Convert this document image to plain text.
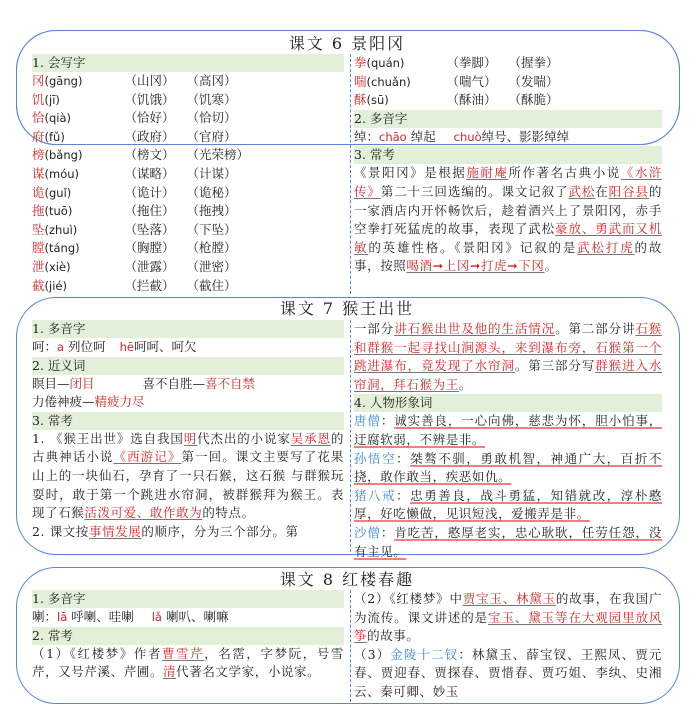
课文 6 景阳冈
1. 会写字
冈(gāng)	（山冈） （高冈）
饥(jī)	（饥饿） （饥寒）
恰(qià)	（恰好） （恰切）
府(fǔ)	（政府） （官府）
榜(bǎng)	（榜文） （光荣榜）
谋(móu)	（谋略） （计谋）
诡(guǐ)	（诡计） （诡秘）
拖(tuō)	（拖住） （拖拽）
坠(zhuì)	（坠落） （下坠）
膛(táng)	（胸膛） （枪膛）
泄(xiè)	（泄露） （泄密）
截(jié)	（拦截） （截住）
拳(quán)	（拳脚） （握拳）
喘(chuǎn)	（喘气） （发喘）
酥(sū)	（酥油） （酥脆）
2. 多音字
绰：chāo 绰起 chuò绰号、影影绰绰
3. 常考
《景阳冈》是根据施耐庵所作著名古典小说《水浒传》第二十三回选编的。课文记叙了武松在阳谷县的一家酒店内开怀畅饮后，趁着酒兴上了景阳冈，赤手空拳打死猛虎的故事，表现了武松豪放、勇武而又机敏的英雄性格。《景阳冈》记叙的是武松打虎的故事，按照喝酒➞上冈➞打虎➞下冈。
课文 7 猴王出世
1. 多音字
呵：a 列位呵 hē呵呵、呵欠
2. 近义词
瞑目—闭目	喜不自胜—喜不自禁
力倦神疲—精疲力尽
3. 常考
1. 《猴王出世》选自我国明代杰出的小说家吴承恩的古典神话小说《西游记》第一回。课文主要写了花果山上的一块仙石，孕育了一只石猴，这石猴 与群猴玩耍时，敢于第一个跳进水帘洞，被群猴拜为猴王。表现了石猴活泼可爱、敢作敢为的特点。
2. 课文按事情发展的顺序，分为三个部分。第
一部分讲石猴出世及他的生活情况。第二部分讲石猴和群猴一起寻找山涧源头，来到瀑布旁，石猴第一个跳进瀑布，竟发现了水帘洞。第三部分写群猴进入水帘洞，拜石猴为王。
4. 人物形象词
唐僧：诚实善良，一心向佛，慈悲为怀，胆小怕事，迂腐软弱，不辨是非。
孙悟空：桀骜不驯，勇敢机智，神通广大，百折不挠，敢作敢当，疾恶如仇。
猪八戒：忠勇善良，战斗勇猛，知错就改，淳朴憨厚，好吃懒做，见识短浅，爱搬弄是非。
沙僧：肯吃苦，憨厚老实，忠心耿耿，任劳任怨，没有主见。
课文 8 红楼春趣
1. 多音字
喇：lā 呼喇、哇喇 lǎ 喇叭、喇嘛
2. 常考
（1）《红楼梦》作者曹雪芹，名霑，字梦阮，号雪芹，又号芹溪、芹圃。清代著名文学家，小说家。
（2）《红楼梦》中贾宝玉、林黛玉的故事，在我国广为流传。课文讲述的是宝玉、黛玉等在大观园里放风筝的故事。
（3）金陵十二钗：林黛玉、薛宝钗、王熙凤、贾元春、贾迎春、贾探春、贾惜春、贾巧姐、李纨、史湘云、秦可卿、妙玉
